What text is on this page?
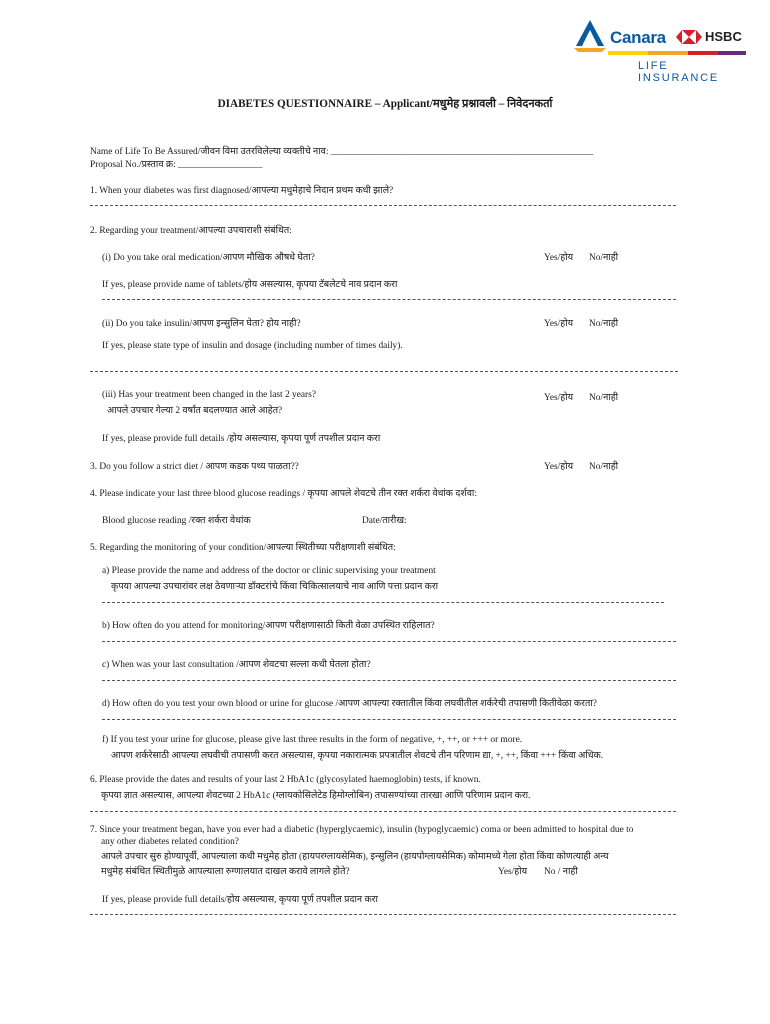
Canara	HSBC
LIFE INSURANCE
DIABETES QUESTIONNAIRE – Applicant/मधुमेह प्रश्नावली – निवेदनकर्ता
Name of Life To Be Assured/जीवन विमा उतरविलेल्या व्यक्तीचे नाव: ________________________________________________________
Proposal No./प्रस्ताव क्र: __________________
1. When your diabetes was first diagnosed/आपल्या मधुमेहाचे निदान प्रथम कधी झाले?
2. Regarding your treatment/आपल्या उपचाराशी संबंधित:
(i) Do you take oral medication/आपण मौखिक औषधे घेता?	Yes/होय No/नाही
If yes, please provide name of tablets/होय असल्यास, कृपया टॅबलेटचे नाव प्रदान करा
(ii) Do you take insulin/आपण इन्सुलिन घेता? होय नाही?	Yes/होय No/नाही
If yes, please state type of insulin and dosage (including number of times daily).
(iii) Has your treatment been changed in the last 2 years?
आपले उपचार गेल्या 2 वर्षांत बदलण्यात आले आहेत?
Yes/होय No/नाही
If yes, please provide full details /होय असल्यास, कृपया पूर्ण तपशील प्रदान करा
3. Do you follow a strict diet / आपण कडक पथ्य पाळता??	Yes/होय No/नाही
4. Please indicate your last three blood glucose readings / कृपया आपले शेवटचे तीन रक्त शर्करा वेधांक दर्शवा:
Blood glucose reading /रक्त शर्करा वेधांक	Date/तारीख:
5. Regarding the monitoring of your condition/आपल्या स्थितीच्या परीक्षणाशी संबंधित:
a) Please provide the name and address of the doctor or clinic supervising your treatment
कृपया आपल्या उपचारांवर लक्ष ठेवणाऱ्या डॉक्टरांचे किंवा चिकित्सालयाचे नाव आणि पत्ता प्रदान करा
b) How often do you attend for monitoring/आपण परीक्षणासाठी किती वेळा उपस्थित राहिलात?
c) When was your last consultation /आपण शेवटचा सल्ला कधी घेतला होता?
d) How often do you test your own blood or urine for glucose /आपण आपल्या रक्तातील किंवा लघवीतील शर्करेची तपासणी कितीवेळा करता?
f) If you test your urine for glucose, please give last three results in the form of negative, +, ++, or +++ or more.
आपण शर्करेसाठी आपल्या लघवीची तपासणी करत असल्यास, कृपया नकारात्मक प्रपत्रातील शेवटचे तीन परिणाम द्या, +, ++, किंवा +++ किंवा अधिक.
6. Please provide the dates and results of your last 2 HbA1c (glycosylated haemoglobin) tests, if known.
कृपया ज्ञात असल्यास, आपल्या शेवटच्या 2 HbA1c (ग्लायकोसिलेटेड हिमोग्लोबिन) तपासण्यांच्या तारखा आणि परिणाम प्रदान करा.
7. Since your treatment began, have you ever had a diabetic (hyperglycaemic), insulin (hypoglycaemic) coma or been admitted to hospital due to
any other diabetes related condition?
आपले उपचार सुरु होण्यापूर्वी, आपल्याला कधी मधुमेह होता (हायपरग्लायसेमिक), इन्सुलिन (हायपोग्लायसेमिक) कोमामध्ये गेला होता किंवा कोणत्याही अन्य
मधुमेह संबंधित स्थितीमुळे आपल्याला रुग्णालयात दाखल करावे लागले होते?	Yes/होय No / नाही
If yes, please provide full details/होय असल्यास, कृपया पूर्ण तपशील प्रदान करा
